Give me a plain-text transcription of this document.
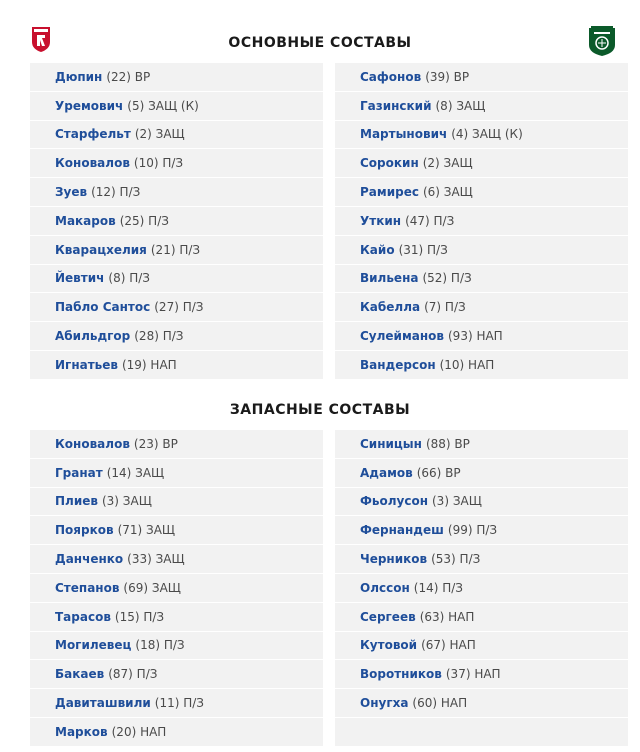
ОСНОВНЫЕ СОСТАВЫ
Дюпин (22) ВР
Уремович (5) ЗАЩ (К)
Старфельт (2) ЗАЩ
Коновалов (10) П/З
Зуев (12) П/З
Макаров (25) П/З
Кварацхелия (21) П/З
Йевтич (8) П/З
Пабло Сантос (27) П/З
Абильдгор (28) П/З
Игнатьев (19) НАП
Сафонов (39) ВР
Газинский (8) ЗАЩ
Мартынович (4) ЗАЩ (К)
Сорокин (2) ЗАЩ
Рамирес (6) ЗАЩ
Уткин (47) П/З
Кайо (31) П/З
Вильена (52) П/З
Кабелла (7) П/З
Сулейманов (93) НАП
Вандерсон (10) НАП
ЗАПАСНЫЕ СОСТАВЫ
Коновалов (23) ВР
Гранат (14) ЗАЩ
Плиев (3) ЗАЩ
Поярков (71) ЗАЩ
Данченко (33) ЗАЩ
Степанов (69) ЗАЩ
Тарасов (15) П/З
Могилевец (18) П/З
Бакаев (87) П/З
Давиташвили (11) П/З
Марков (20) НАП
Синицын (88) ВР
Адамов (66) ВР
Фьолусон (3) ЗАЩ
Фернандеш (99) П/З
Черников (53) П/З
Олссон (14) П/З
Сергеев (63) НАП
Кутовой (67) НАП
Воротников (37) НАП
Онугха (60) НАП
